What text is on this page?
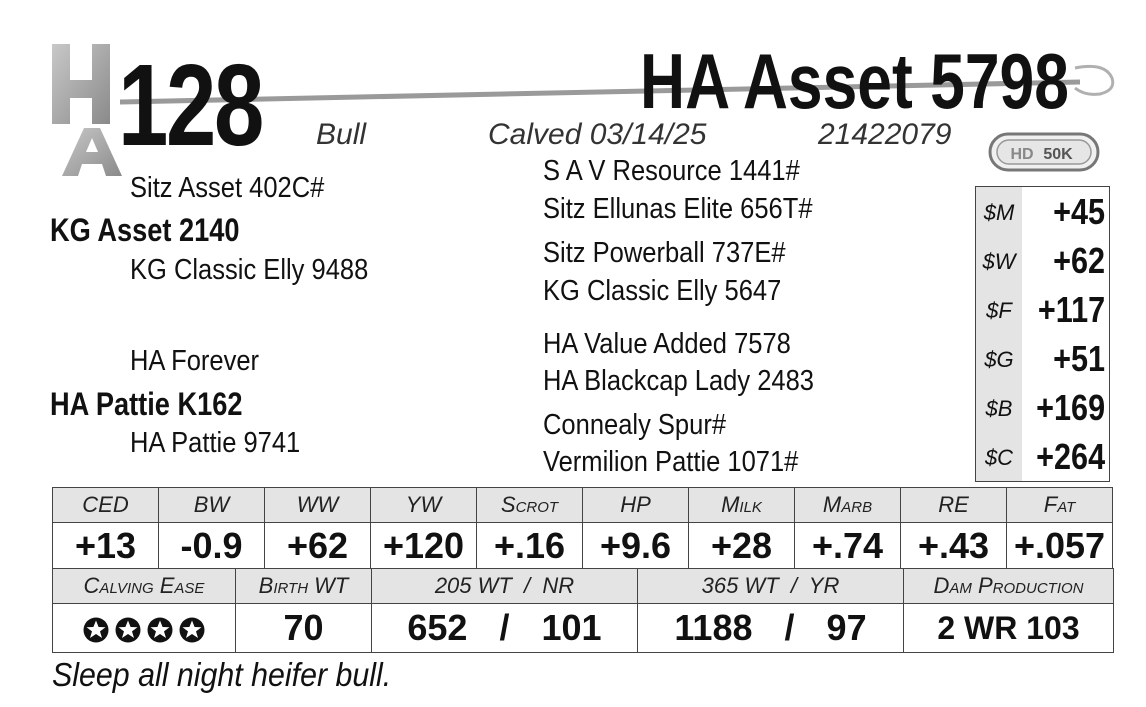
128	HA Asset 5798
Bull	Calved 03/14/25	21422079
HD 50K
Sitz Asset 402C#
KG Asset 2140
KG Classic Elly 9488
S A V Resource 1441#
Sitz Ellunas Elite 656T#
Sitz Powerball 737E#
KG Classic Elly 5647
HA Forever
HA Pattie K162
HA Pattie 9741
HA Value Added 7578
HA Blackcap Lady 2483
Connealy Spur#
Vermilion Pattie 1071#
$M	+45
$W	+62
$F +117
$G	+51
$B +169
$C +264
CED	BW	WW	YW	Scrot	HP	Milk	Marb	RE	Fat
+13	-0.9	+62	+120	+.16	+9.6	+28	+.74	+.43	+.057
Calving Ease	Birth WT	205 WT  /  NR	365 WT  /  YR	Dam Production

	70	652 / 101	1188 / 97	2 WR 103
Sleep all night heifer bull.
